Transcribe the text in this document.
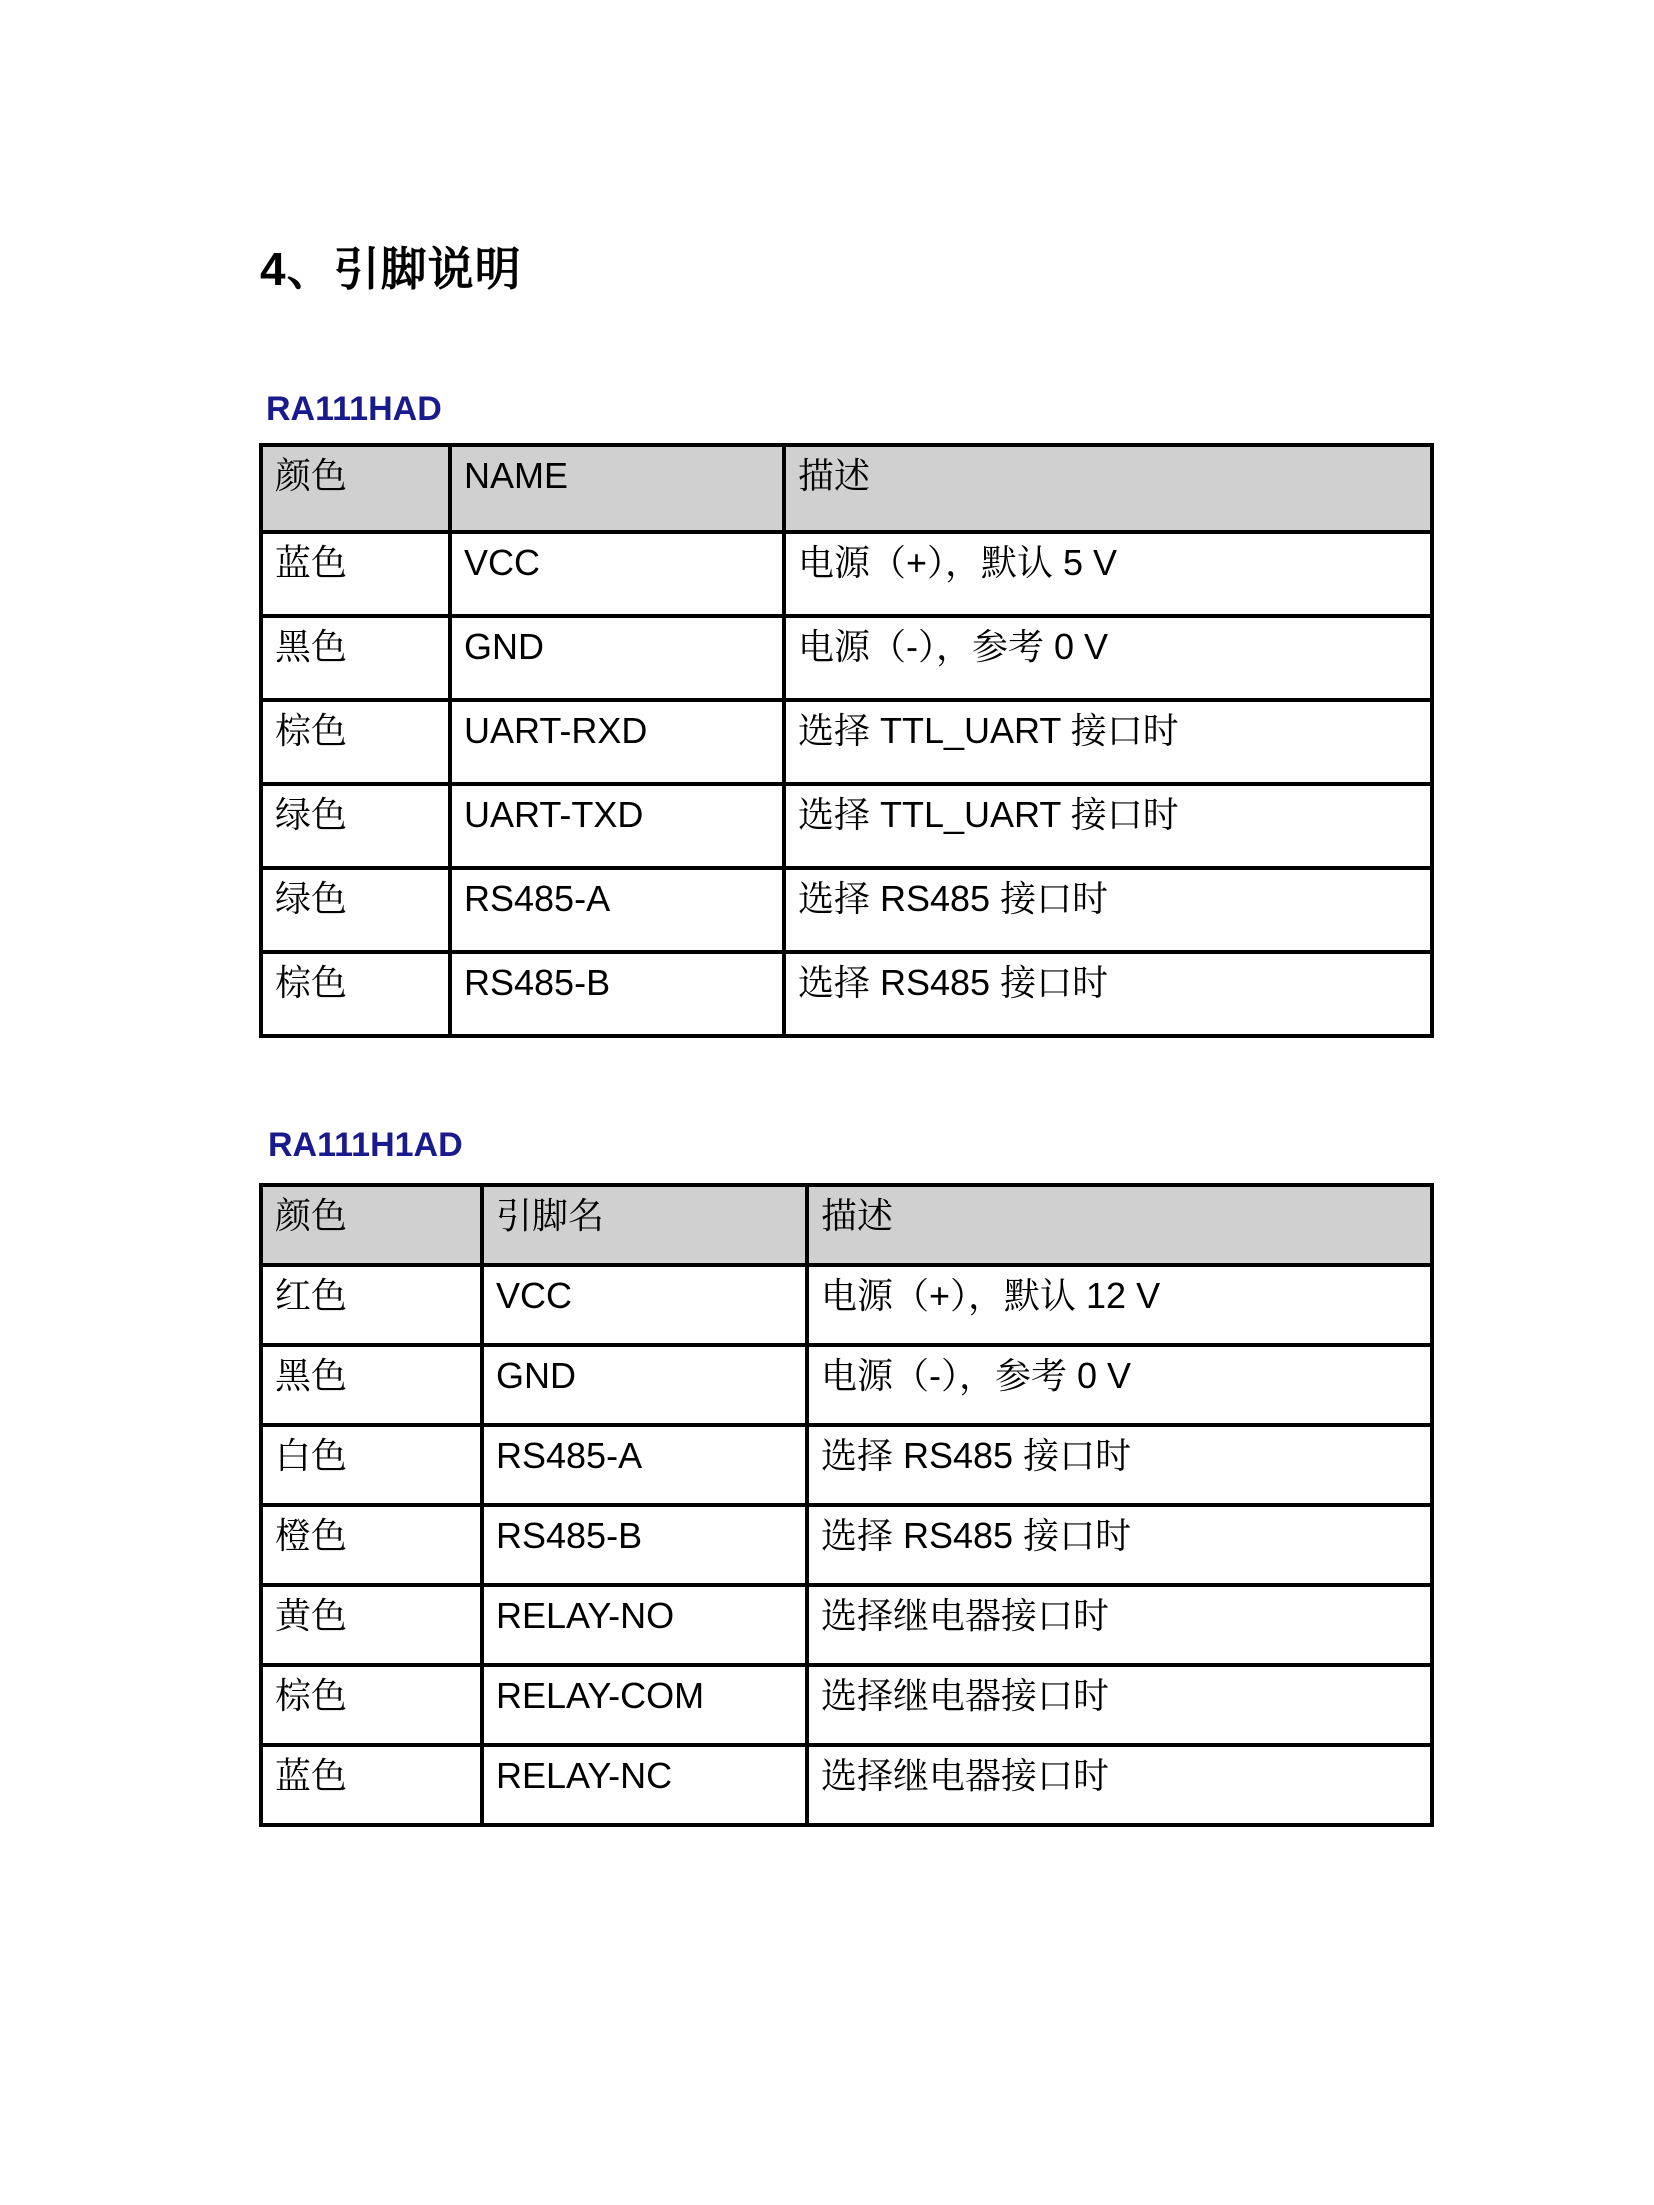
4、引脚说明
RA111HAD
颜色	NAME	描述
蓝色	VCC	电源（+），默认 5 V
黑色	GND	电源（-），参考 0 V
棕色	UART-RXD	选择 TTL_UART 接口时
绿色	UART-TXD	选择 TTL_UART 接口时
绿色	RS485-A	选择 RS485 接口时
棕色	RS485-B	选择 RS485 接口时
RA111H1AD
颜色	引脚名	描述
红色	VCC	电源（+），默认 12 V
黑色	GND	电源（-），参考 0 V
白色	RS485-A	选择 RS485 接口时
橙色	RS485-B	选择 RS485 接口时
黄色	RELAY-NO	选择继电器接口时
棕色	RELAY-COM	选择继电器接口时
蓝色	RELAY-NC	选择继电器接口时
